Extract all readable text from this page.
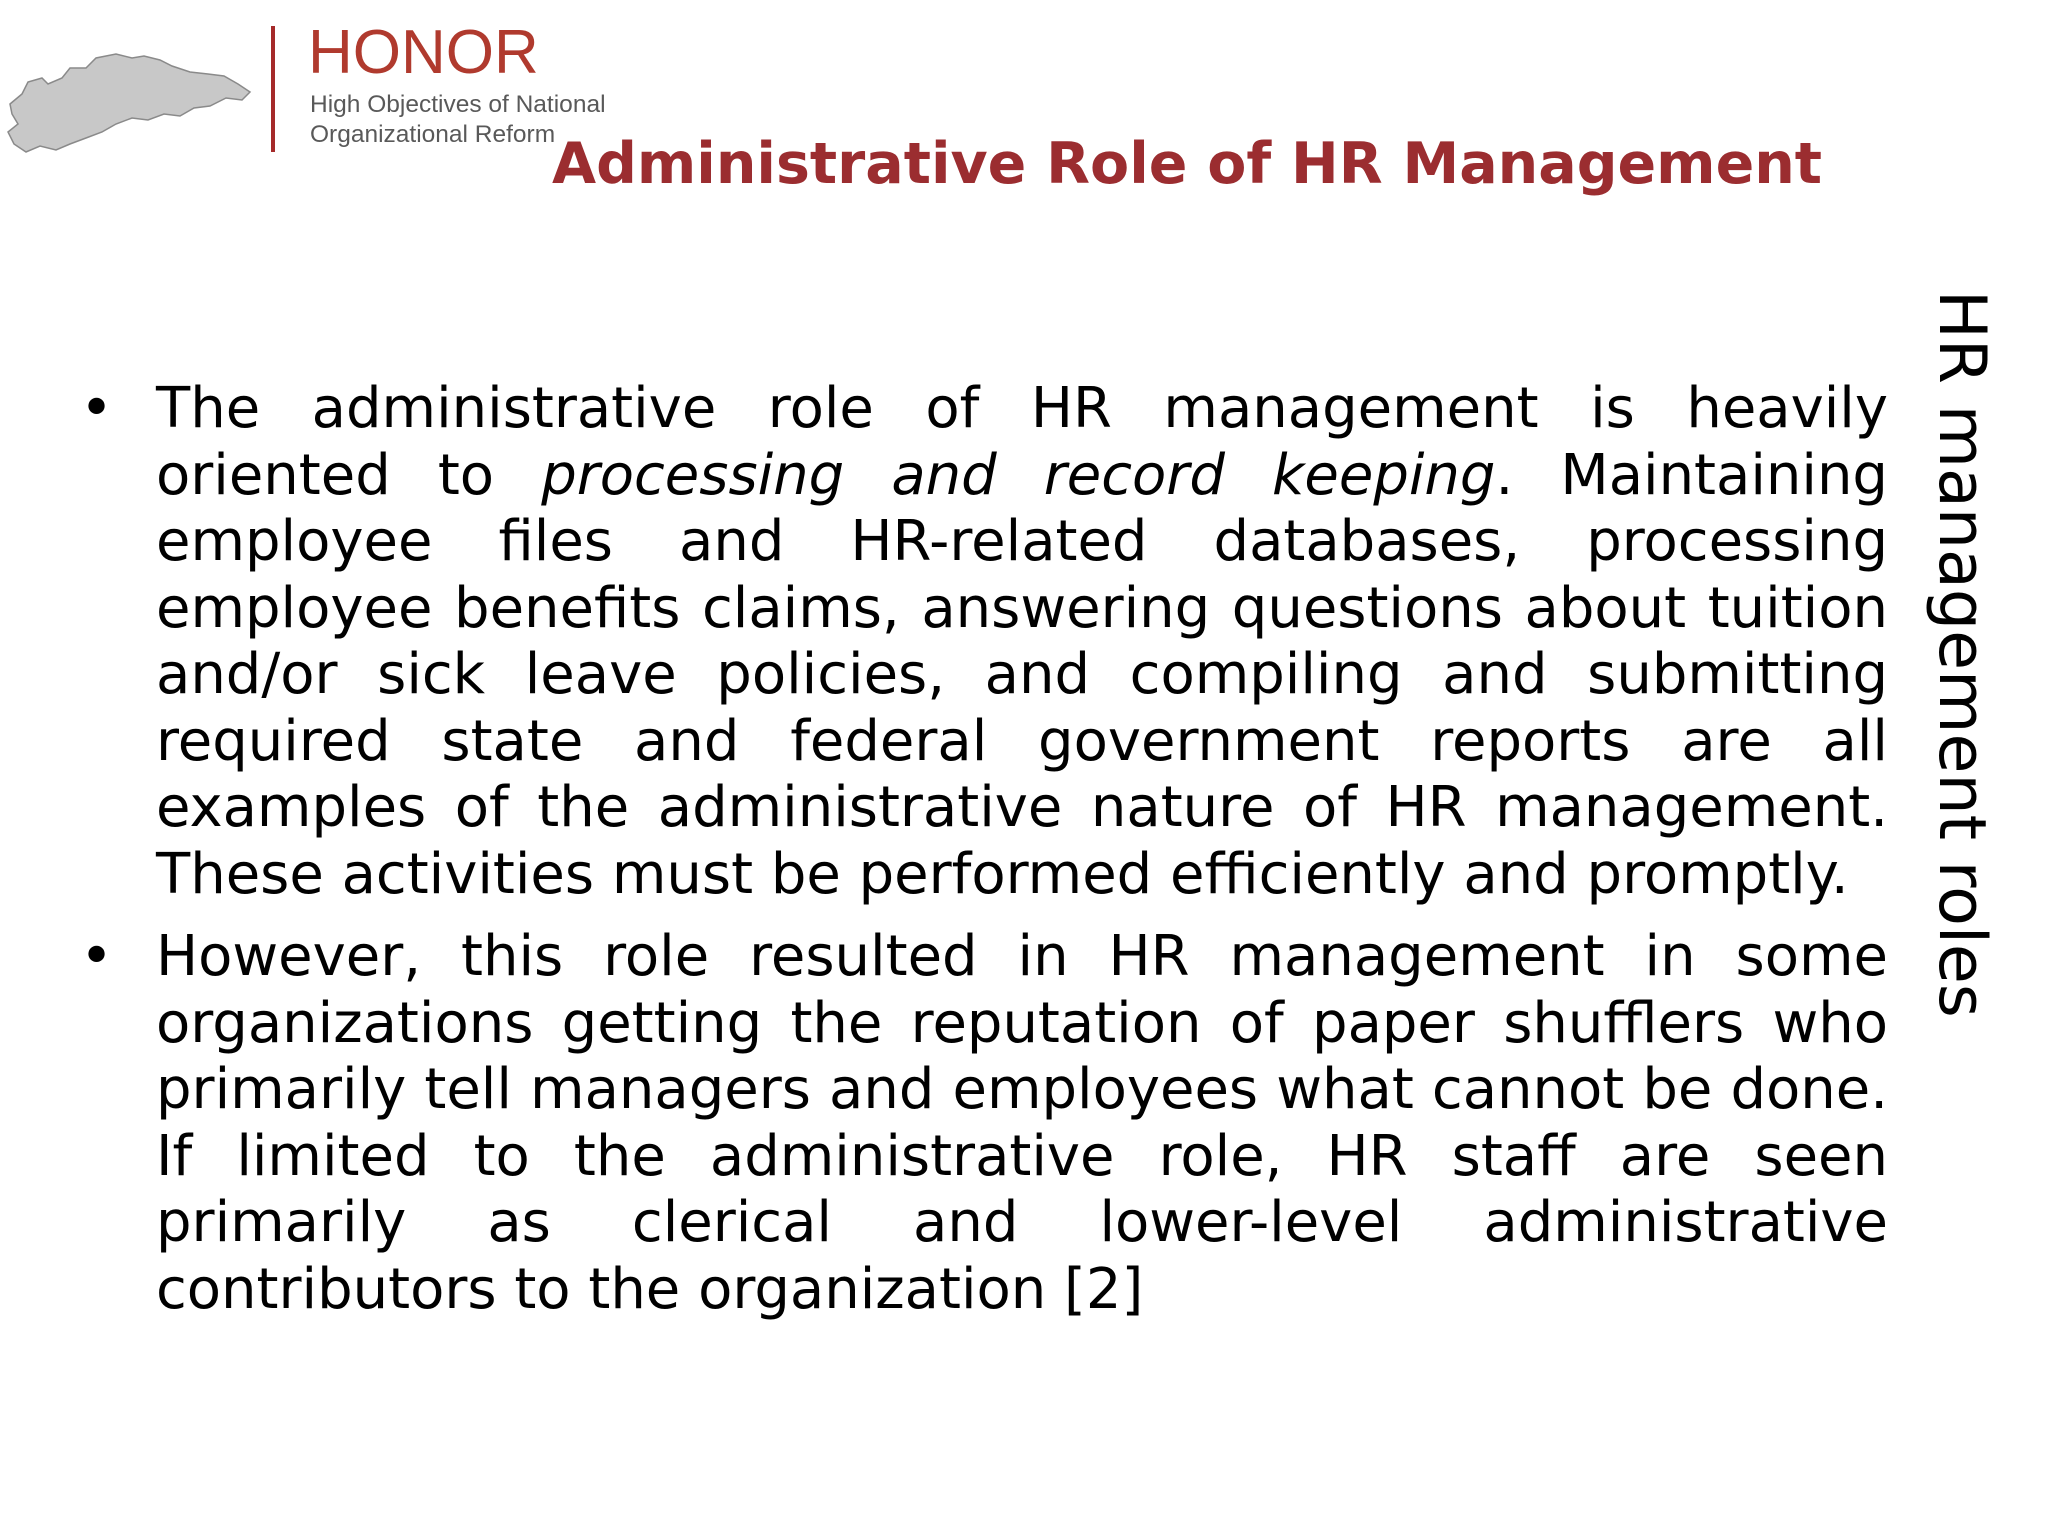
HONOR
High Objectives of National
Organizational Reform
Administrative Role of HR Management
HR management roles
• The administrative role of HR management is heavily oriented to processing and record keeping. Maintaining employee files and HR-related databases, processing employee benefits claims, answering questions about tuition and/or sick leave policies, and compiling and submitting required state and federal government reports are all examples of the administrative nature of HR management. These activities must be performed efficiently and promptly.
• However, this role resulted in HR management in some organizations getting the reputation of paper shufflers who primarily tell managers and employees what cannot be done. If limited to the administrative role, HR staff are seen primarily as clerical and lower-level administrative contributors to the organization [2]
